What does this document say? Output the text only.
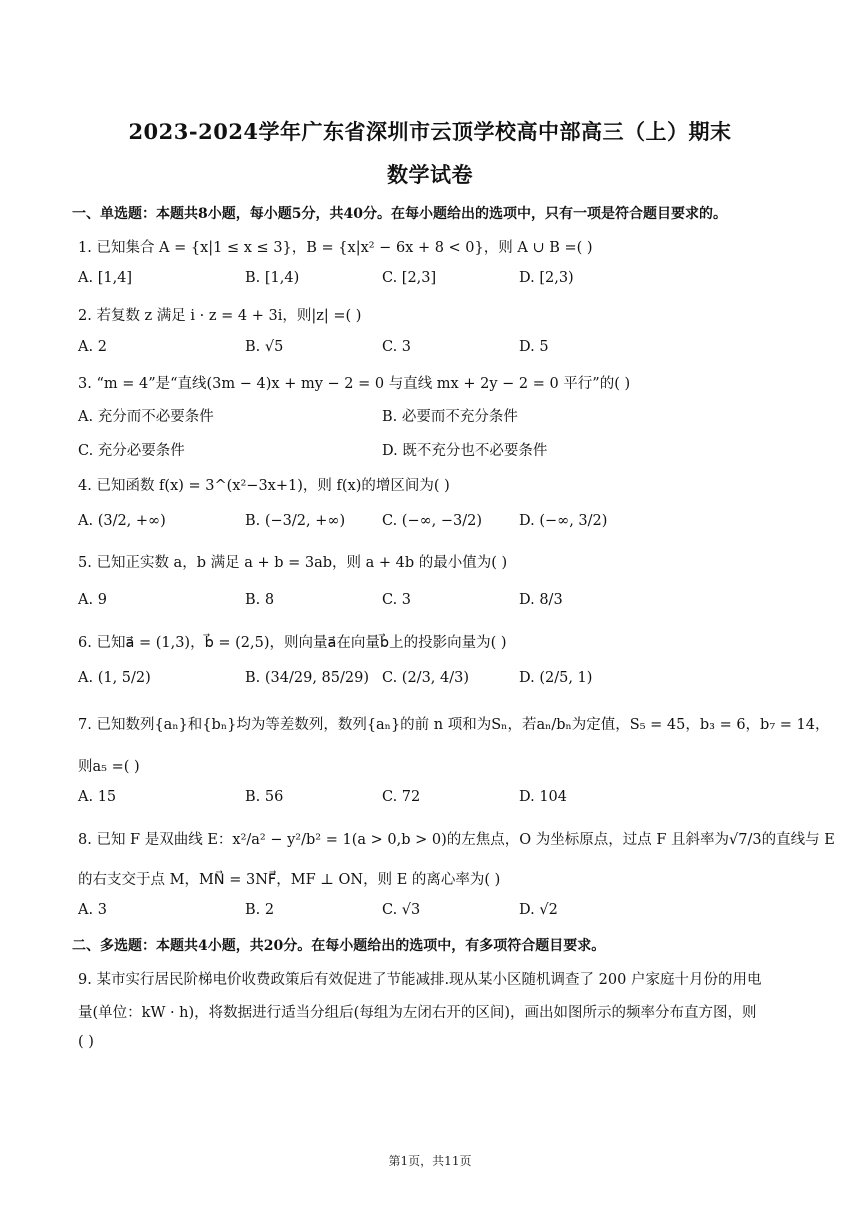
2023-2024学年广东省深圳市云顶学校高中部高三（上）期末
数学试卷
一、单选题：本题共8小题，每小题5分，共40分。在每小题给出的选项中，只有一项是符合题目要求的。
1. 已知集合 A = {x|1 ≤ x ≤ 3}，B = {x|x² − 6x + 8 < 0}，则 A ∪ B =( )
A. [1,4]	B. [1,4)	C. [2,3]	D. [2,3)
2. 若复数 z 满足 i · z = 4 + 3i，则|z| =( )
A. 2	B. √5	C. 3	D. 5
3. “m = 4”是“直线(3m − 4)x + my − 2 = 0 与直线 mx + 2y − 2 = 0 平行”的( )
A. 充分而不必要条件	B. 必要而不充分条件
C. 充分必要条件	D. 既不充分也不必要条件
4. 已知函数 f(x) = 3^(x²−3x+1)，则 f(x)的增区间为( )
A. (3/2, +∞)	B. (−3/2, +∞)	C. (−∞, −3/2)	D. (−∞, 3/2)
5. 已知正实数 a，b 满足 a + b = 3ab，则 a + 4b 的最小值为( )
A. 9	B. 8	C. 3	D. 8/3
6. 已知a⃗ = (1,3)，b⃗ = (2,5)，则向量a⃗在向量b⃗上的投影向量为( )
A. (1, 5/2)	B. (34/29, 85/29) C. (2/3, 4/3)	D. (2/5, 1)
7. 已知数列{aₙ}和{bₙ}均为等差数列，数列{aₙ}的前 n 项和为Sₙ，若aₙ/bₙ为定值，S₅ = 45，b₃ = 6，b₇ = 14，
则a₅ =( )
A. 15	B. 56	C. 72	D. 104
8. 已知 F 是双曲线 E：x²/a² − y²/b² = 1(a > 0,b > 0)的左焦点，O 为坐标原点，过点 F 且斜率为√7/3的直线与 E
的右支交于点 M，MN⃗ = 3NF⃗，MF ⊥ ON，则 E 的离心率为( )
A. 3	B. 2	C. √3	D. √2
二、多选题：本题共4小题，共20分。在每小题给出的选项中，有多项符合题目要求。
9. 某市实行居民阶梯电价收费政策后有效促进了节能减排.现从某小区随机调查了 200 户家庭十月份的用电
量(单位：kW · h)，将数据进行适当分组后(每组为左闭右开的区间)，画出如图所示的频率分布直方图，则
( )
第1页，共11页
